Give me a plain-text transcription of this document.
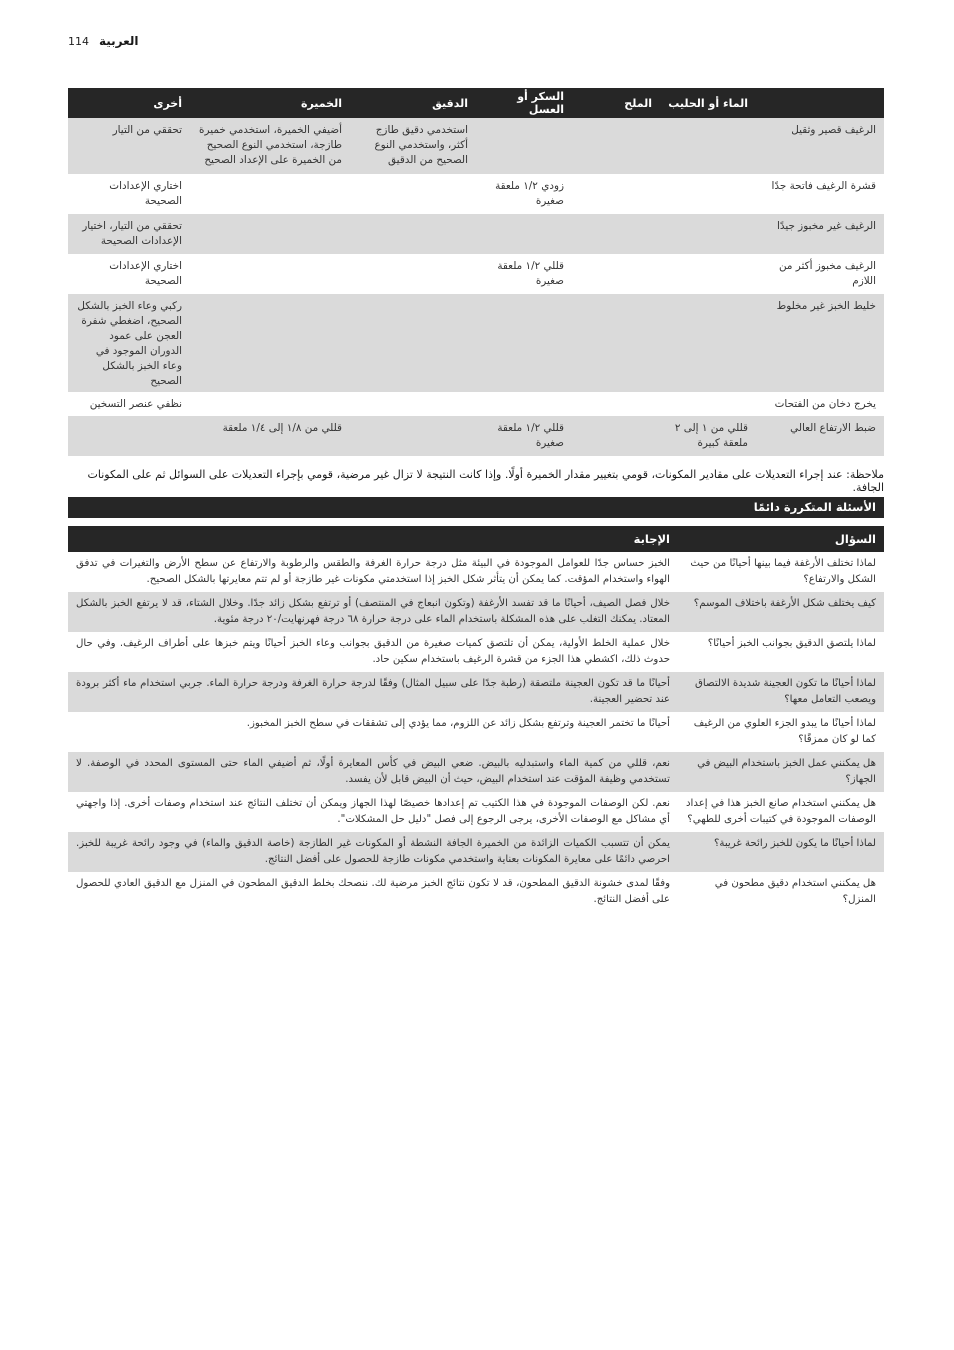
114 العربية
	الماء أو الحليب	الملح	السكر أو العسل	الدقيق	الخميرة	أخرى
الرغيف قصير وثقيل				استخدمي دقيق طازج أكثر، واستخدمي النوع الصحيح من الدقيق	أضيفي الخميرة، استخدمي خميرة طازجة، استخدمي النوع الصحيح من الخميرة على الإعداد الصحيح	تحققي من التيار
قشرة الرغيف فاتحة جدًا			زودي ١/٢ ملعقة صغيرة			اختاري الإعدادات الصحيحة
الرغيف غير مخبوز جيدًا						تحققي من التيار، اختيار الإعدادات الصحيحة
الرغيف مخبوز أكثر من اللازم			قللي ١/٢ ملعقة صغيرة			اختاري الإعدادات الصحيحة
خليط الخبز غير مخلوط						ركبي وعاء الخبز بالشكل الصحيح، اضغطي شفرة العجن على عمود الدوران الموجود في وعاء الخبز بالشكل الصحيح
يخرج دخان من الفتحات						نظفي عنصر التسخين
ضبط الارتفاع العالي	قللي من ١ إلى ٢ ملعقة كبيرة		قللي ١/٢ ملعقة صغيرة		قللي من ١/٨ إلى ١/٤ ملعقة	
ملاحظة: عند إجراء التعديلات على مقادير المكونات، قومي بتغيير مقدار الخميرة أولًا. وإذا كانت النتيجة لا تزال غير مرضية، قومي بإجراء التعديلات على السوائل ثم على المكونات الجافة.
الأسئلة المتكررة دائمًا
السؤال	الإجابة
لماذا تختلف الأرغفة فيما بينها أحيانًا من حيث الشكل والارتفاع؟	الخبز حساس جدًا للعوامل الموجودة في البيئة مثل درجة حرارة الغرفة والطقس والرطوبة والارتفاع عن سطح الأرض والتغيرات في تدفق الهواء واستخدام المؤقت. كما يمكن أن يتأثر شكل الخبز إذا استخدمتي مكونات غير طازجة أو لم تتم معايرتها بالشكل الصحيح.
كيف يختلف شكل الأرغفة باختلاف الموسم؟	خلال فصل الصيف، أحيانًا ما قد تفسد الأرغفة (وتكون انبعاج في المنتصف) أو ترتفع بشكل زائد جدًا. وخلال الشتاء، قد لا يرتفع الخبز بالشكل المعتاد. يمكنك التغلب على هذه المشكلة باستخدام الماء على درجة حرارة ٦٨ درجة فهرنهايت/٢٠ درجة مئوية.
لماذا يلتصق الدقيق بجوانب الخبز أحيانًا؟	خلال عملية الخلط الأولية، يمكن أن تلتصق كميات صغيرة من الدقيق بجوانب وعاء الخبز أحيانًا ويتم خبزها على أطراف الرغيف. وفي حال حدوث ذلك، اكشطي هذا الجزء من قشرة الرغيف باستخدام سكين حاد.
لماذا أحيانًا ما تكون العجينة شديدة الالتصاق ويصعب التعامل معها؟	أحيانًا ما قد تكون العجينة ملتصقة (رطبة جدًا على سبيل المثال) وفقًا لدرجة حرارة الغرفة ودرجة حرارة الماء. جربي استخدام ماء أكثر برودة عند تحضير العجينة.
لماذا أحيانًا ما يبدو الجزء العلوي من الرغيف كما لو كان ممزقًا؟	أحيانًا ما تختمر العجينة وترتفع بشكل زائد عن اللزوم، مما يؤدي إلى تشققات في سطح الخبز المخبوز.
هل يمكنني عمل الخبز باستخدام البيض في الجهاز؟	نعم، قللي من كمية الماء واستبدليه بالبيض. ضعي البيض في كأس المعايرة أولًا، ثم أضيفي الماء حتى المستوى المحدد في الوصفة. لا تستخدمي وظيفة المؤقت عند استخدام البيض، حيث أن البيض قابل لأن يفسد.
هل يمكنني استخدام صانع الخبز هذا في إعداد الوصفات الموجودة في كتيبات أخرى للطهي؟	نعم. لكن الوصفات الموجودة في هذا الكتيب تم إعدادها خصيصًا لهذا الجهاز ويمكن أن تختلف النتائج عند استخدام وصفات أخرى. إذا واجهتي أي مشاكل مع الوصفات الأخرى، يرجى الرجوع إلى فصل "دليل حل المشكلات".
لماذا أحيانًا ما يكون للخبز رائحة غريبة؟	يمكن أن تتسبب الكميات الزائدة من الخميرة الجافة النشطة أو المكونات غير الطازجة (خاصة الدقيق والماء) في وجود رائحة غريبة للخبز. احرصي دائمًا على معايرة المكونات بعناية واستخدمي مكونات طازجة للحصول على أفضل النتائج.
هل يمكنني استخدام دقيق مطحون في المنزل؟	وفقًا لمدى خشونة الدقيق المطحون، قد لا تكون نتائج الخبز مرضية لك. ننصحك بخلط الدقيق المطحون في المنزل مع الدقيق العادي للحصول على أفضل النتائج.
